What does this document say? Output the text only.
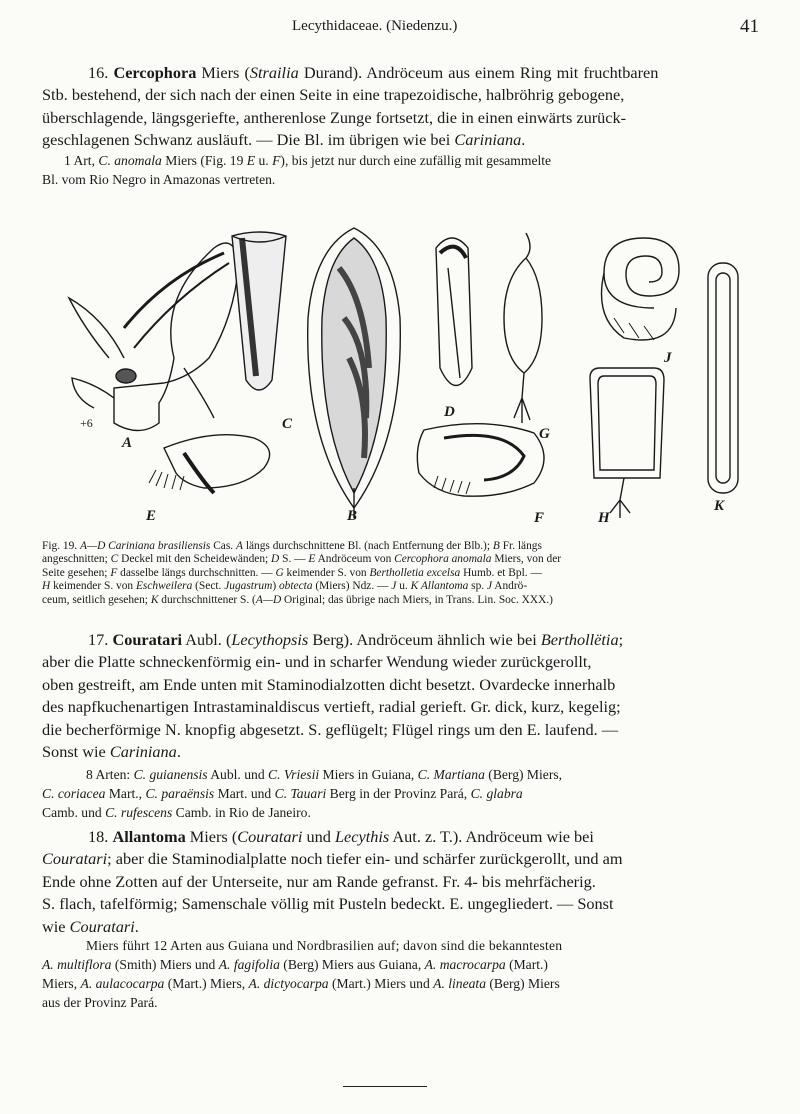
Lecythidaceae. (Niedenzu.)	41
16. Cercophora Miers (Strailia Durand). Andröceum aus einem Ring mit fruchtbaren
Stb. bestehend, der sich nach der einen Seite in eine trapezoidische, halbröhrig gebogene,
überschlagende, längsgeriefte, antherenlose Zunge fortsetzt, die in einen einwärts zurück-
geschlagenen Schwanz ausläuft. — Die Bl. im übrigen wie bei Cariniana.
1 Art, C. anomala Miers (Fig. 19 E u. F), bis jetzt nur durch eine zufällig mit gesammelte
Bl. vom Rio Negro in Amazonas vertreten.
+6
A
C
D
G
J
K
E	B	F	H
Fig. 19. A—D Cariniana brasiliensis Cas. A längs durchschnittene Bl. (nach Entfernung der Blb.); B Fr. längs
angeschnitten; C Deckel mit den Scheidewänden; D S. — E Andröceum von Cercophora anomala Miers, von der
Seite gesehen; F dasselbe längs durchschnitten. — G keimender S. von Bertholletia excelsa Humb. et Bpl. —
H keimender S. von Eschweilera (Sect. Jugastrum) obtecta (Miers) Ndz. — J u. K Allantoma sp. J Andrö-
ceum, seitlich gesehen; K durchschnittener S. (A—D Original; das übrige nach Miers, in Trans. Lin. Soc. XXX.)
17. Couratari Aubl. (Lecythopsis Berg). Andröceum ähnlich wie bei Berthollëtia;
aber die Platte schneckenförmig ein- und in scharfer Wendung wieder zurückgerollt,
oben gestreift, am Ende unten mit Staminodialzotten dicht besetzt. Ovardecke innerhalb
des napfkuchenartigen Intrastaminaldiscus vertieft, radial gerieft. Gr. dick, kurz, kegelig;
die becherförmige N. knopfig abgesetzt. S. geflügelt; Flügel rings um den E. laufend. —
Sonst wie Cariniana.
8 Arten: C. guianensis Aubl. und C. Vriesii Miers in Guiana, C. Martiana (Berg) Miers,
C. coriacea Mart., C. paraënsis Mart. und C. Tauari Berg in der Provinz Pará, C. glabra
Camb. und C. rufescens Camb. in Rio de Janeiro.
18. Allantoma Miers (Couratari und Lecythis Aut. z. T.). Andröceum wie bei
Couratari; aber die Staminodialplatte noch tiefer ein- und schärfer zurückgerollt, und am
Ende ohne Zotten auf der Unterseite, nur am Rande gefranst. Fr. 4- bis mehrfächerig.
S. flach, tafelförmig; Samenschale völlig mit Pusteln bedeckt. E. ungegliedert. — Sonst
wie Couratari.
Miers führt 12 Arten aus Guiana und Nordbrasilien auf; davon sind die bekanntesten
A. multiflora (Smith) Miers und A. fagifolia (Berg) Miers aus Guiana, A. macrocarpa (Mart.)
Miers, A. aulacocarpa (Mart.) Miers, A. dictyocarpa (Mart.) Miers und A. lineata (Berg) Miers
aus der Provinz Pará.
